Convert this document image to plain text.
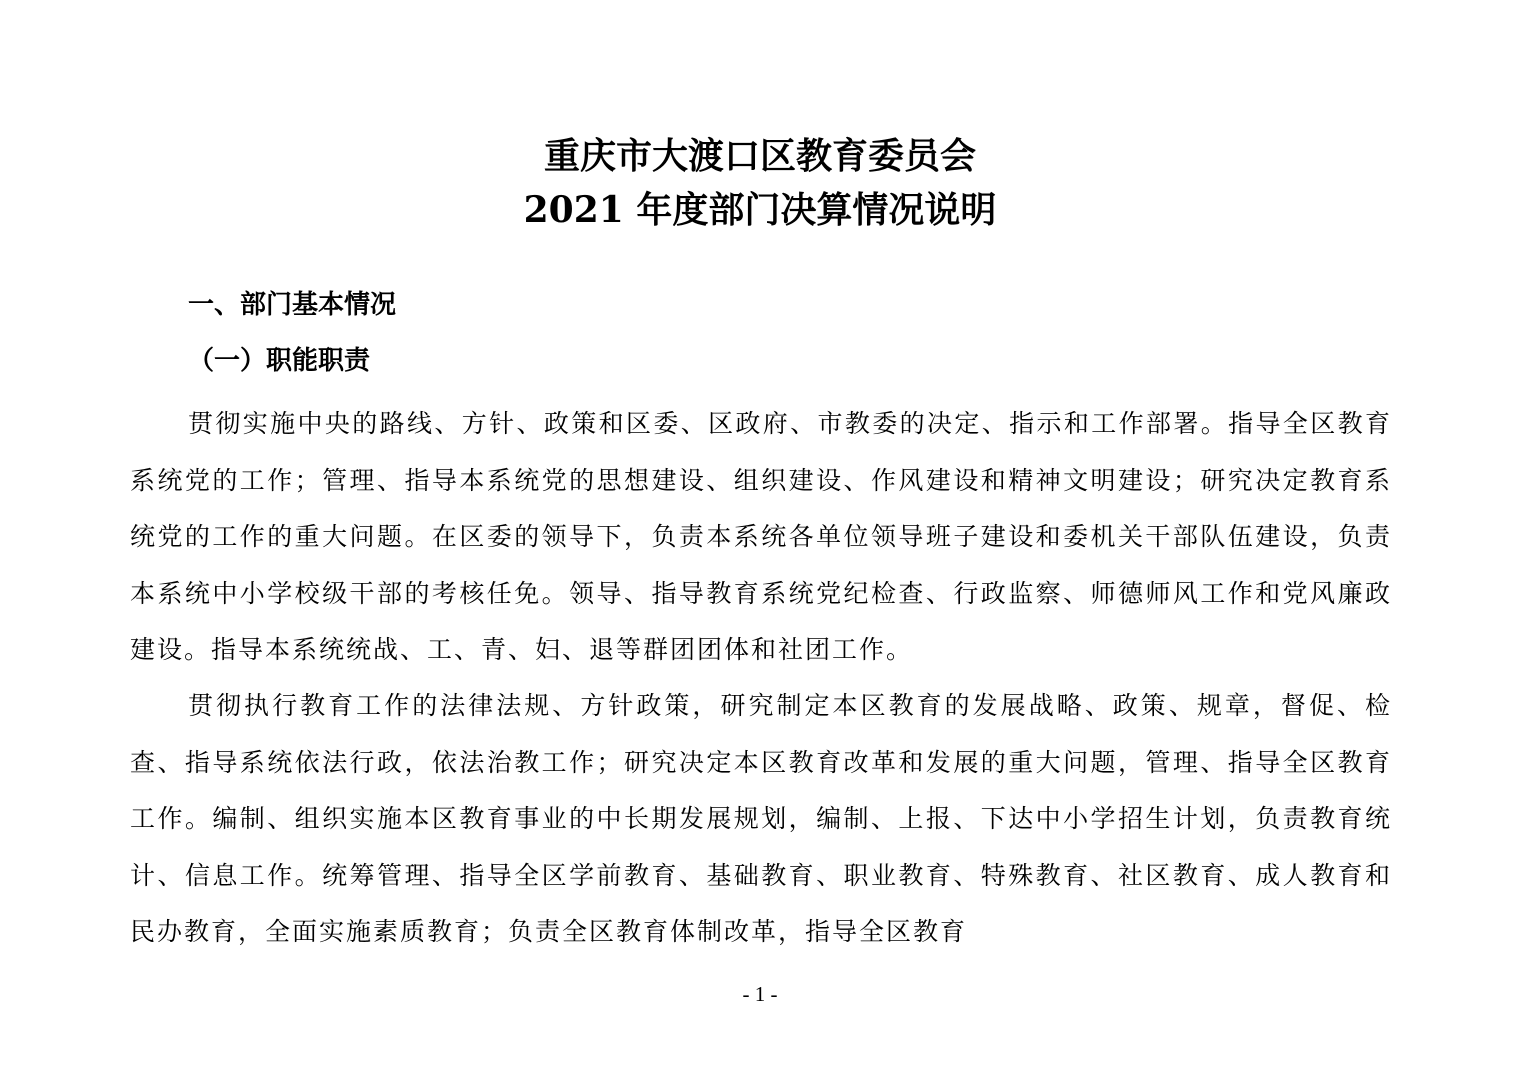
重庆市大渡口区教育委员会
2021 年度部门决算情况说明
一、部门基本情况
（一）职能职责

贯彻实施中央的路线、方针、政策和区委、区政府、市教委的决定、指示和工作部署。指导全区教育系统党的工作；管理、指导本系统党的思想建设、组织建设、作风建设和精神文明建设；研究决定教育系统党的工作的重大问题。在区委的领导下，负责本系统各单位领导班子建设和委机关干部队伍建设，负责本系统中小学校级干部的考核任免。领导、指导教育系统党纪检查、行政监察、师德师风工作和党风廉政建设。指导本系统统战、工、青、妇、退等群团团体和社团工作。

贯彻执行教育工作的法律法规、方针政策，研究制定本区教育的发展战略、政策、规章，督促、检查、指导系统依法行政，依法治教工作；研究决定本区教育改革和发展的重大问题，管理、指导全区教育工作。编制、组织实施本区教育事业的中长期发展规划，编制、上报、下达中小学招生计划，负责教育统计、信息工作。统筹管理、指导全区学前教育、基础教育、职业教育、特殊教育、社区教育、成人教育和民办教育，全面实施素质教育；负责全区教育体制改革，指导全区教育

- 1 -
